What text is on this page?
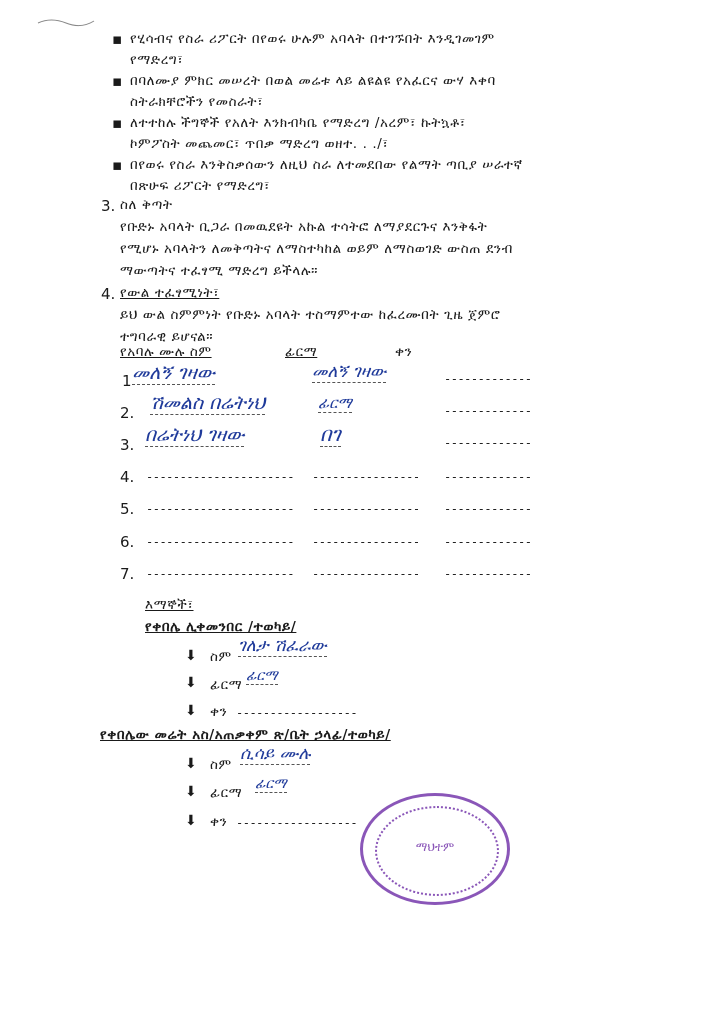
▪ የሂሳብና የስራ ሪፖርት በየወሩ ሁሉም አባላት በተገኙበት እንዲገመገም
የማድረግ፣
▪ በባለሙያ ምክር መሠረት በወል መሬቱ ላይ ልዩልዩ የአፈርና ውሃ እቀባ
ስትራክቸሮችን የመስራት፣
▪ ለተተከሉ ችግኞች የአለት እንክብካቤ የማድረግ /አረም፣ ኩትኳቶ፣
ኮምፖስት መጨመር፣ ጥበቃ ማድረግ ወዘተ. . ./፣
▪ በየወሩ የስራ እንቅስቃሰውን ለዚህ ስራ ለተመደበው የልማት ጣቢያ ሠራተኛ
በጽሁፍ ሪፖርት የማድረግ፣
3. ስለ ቅጣት
የቡድኑ አባላት ቢጋራ በመዉደዩት አኩል ተሳትፎ ለማያደርጉና እንቅፋት
የሚሆኑ አባላትን ለመቅጣትና ለማስተካከል ወይም ለማስወገድ ውስጠ ደንብ
ማውጣትና ተፈፃሚ ማድረግ ይችላሉ።
4. የውል ተፈፃሚነት፣
ይህ ውል ስምምነት የቡድኑ አባላት ተስማምተው ከፈረሙበት ጊዜ ጀምሮ
ተግባራዊ ይሆናል።
የአባሉ ሙሉ ስም	ፊርማ	ቀን
1 መለኝ ገዛው	መለኝ ገዛው	-------------
2. ሽመልስ በሬትነህ	ፊርማ	-------------
3. በሬትነህ ገዛው	በገ	-------------
4. ---------------------- ---------------- -------------
5. ---------------------- ---------------- -------------
6. ---------------------- ---------------- -------------
7. ---------------------- ---------------- -------------
እማኞች፣
የቀበሌ ሊቀመንበር /ተወካይ/
⬇ ስም
ገለታ ሽፈራው
⬇ ፊርማ
ፊርማ
⬇ ቀን ------------------
የቀበሌው መሬት አስ/አጠቃቀም ጽ/ቤት ኃላፊ/ተወካይ/
⬇ ስም
ሲሳይ ሙሉ
⬇ ፊርማ
ፊርማ
⬇ ቀን ------------------
ማህተም
